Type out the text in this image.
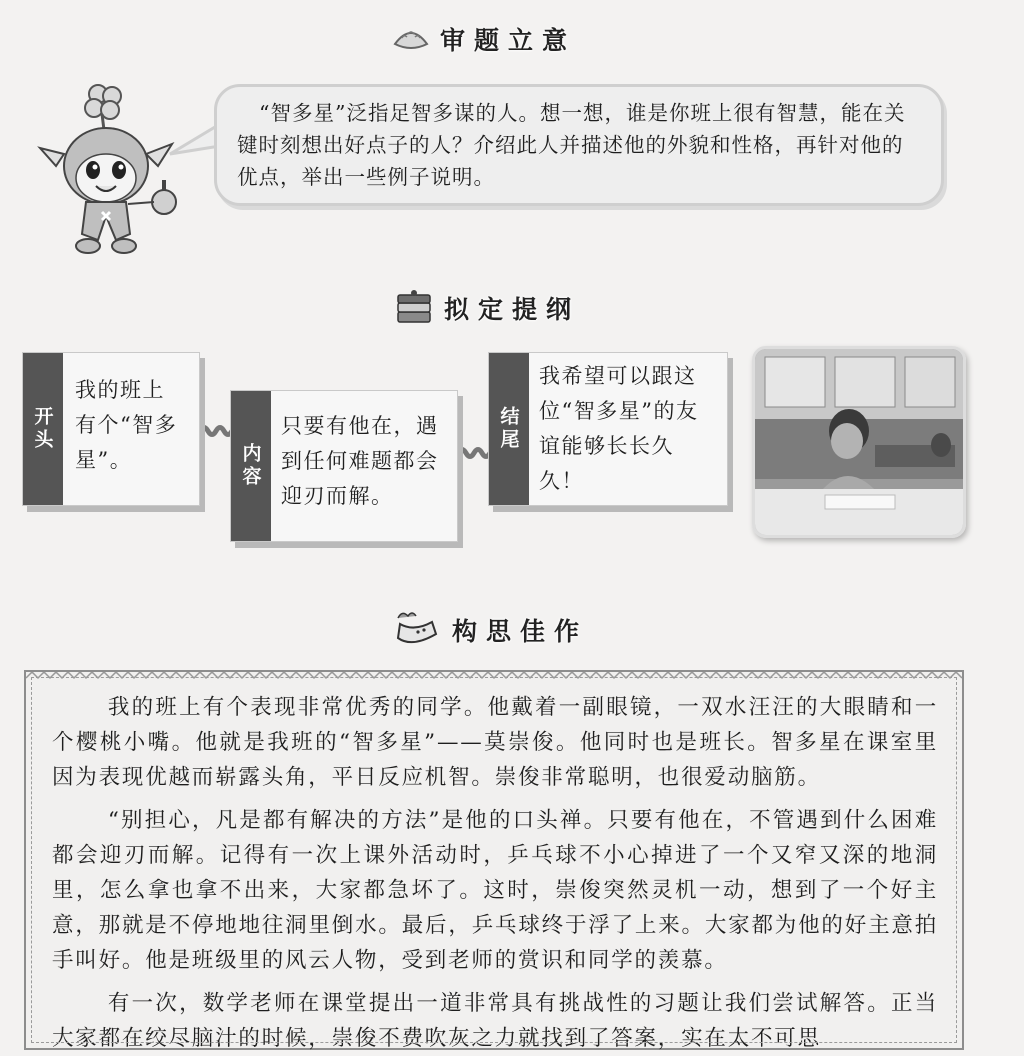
审题立意

“智多星”泛指足智多谋的人。想一想，谁是你班上很有智慧，能在关键时刻想出好点子的人？介绍此人并描述他的外貌和性格，再针对他的优点，举出一些例子说明。

拟定提纲
开头
我的班上有个“智多星”。	内容
只要有他在，遇到任何难题都会迎刃而解。
结尾
我希望可以跟这位“智多星”的友谊能够长长久久！
构思佳作

我的班上有个表现非常优秀的同学。他戴着一副眼镜，一双水汪汪的大眼睛和一个樱桃小嘴。他就是我班的“智多星”——莫崇俊。他同时也是班长。智多星在课室里因为表现优越而崭露头角，平日反应机智。崇俊非常聪明，也很爱动脑筋。

“别担心，凡是都有解决的方法”是他的口头禅。只要有他在，不管遇到什么困难都会迎刃而解。记得有一次上课外活动时，乒乓球不小心掉进了一个又窄又深的地洞里，怎么拿也拿不出来，大家都急坏了。这时，崇俊突然灵机一动，想到了一个好主意，那就是不停地地往洞里倒水。最后，乒乓球终于浮了上来。大家都为他的好主意拍手叫好。他是班级里的风云人物，受到老师的赏识和同学的羡慕。

有一次，数学老师在课堂提出一道非常具有挑战性的习题让我们尝试解答。正当大家都在绞尽脑汁的时候，崇俊不费吹灰之力就找到了答案，实在太不可思
